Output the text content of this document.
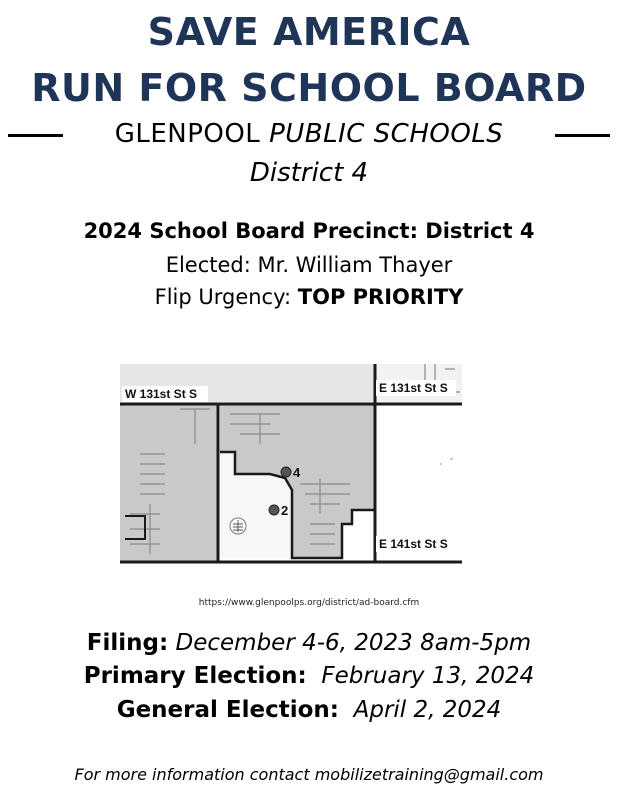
SAVE AMERICA
RUN FOR SCHOOL BOARD
GLENPOOL PUBLIC SCHOOLS
District 4
2024 School Board Precinct: District 4
Elected: Mr. William Thayer
Flip Urgency: TOP PRIORITY
W 131st St S	E 131st St S
E 141st St S
4
2
https://www.glenpoolps.org/district/ad-board.cfm
Filing: December 4-6, 2023 8am-5pm
Primary Election:  February 13, 2024
General Election:  April 2, 2024
For more information contact mobilizetraining@gmail.com
